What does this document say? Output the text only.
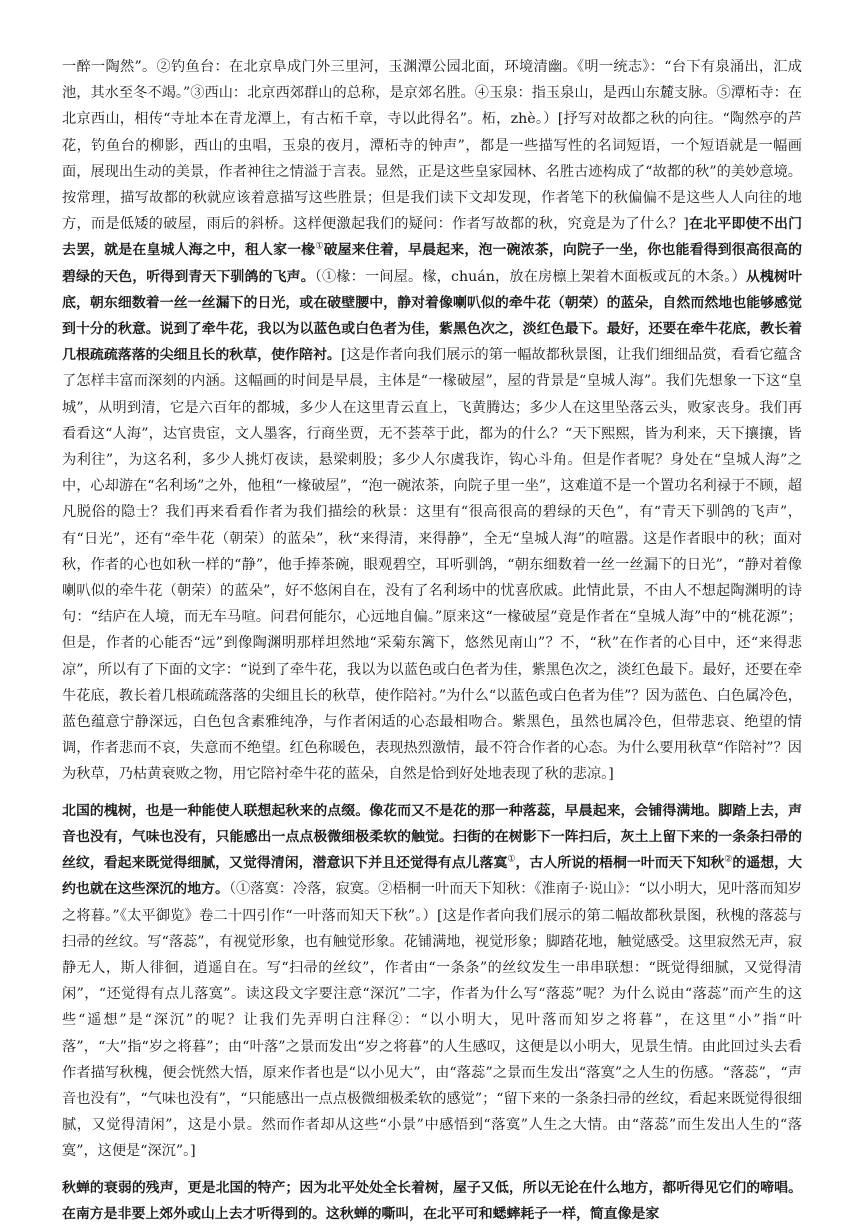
一醉一陶然”。②钓鱼台：在北京阜成门外三里河，玉渊潭公园北面，环境清幽。《明一统志》：“台下有泉涌出，汇成池，其水至冬不竭。”③西山：北京西郊群山的总称，是京郊名胜。④玉泉：指玉泉山，是西山东麓支脉。⑤潭柘寺：在北京西山，相传“寺址本在青龙潭上，有古柘千章，寺以此得名”。柘，zhè。）[抒写对故都之秋的向往。“陶然亭的芦花，钓鱼台的柳影，西山的虫唱，玉泉的夜月，潭柘寺的钟声”，都是一些描写性的名词短语，一个短语就是一幅画面，展现出生动的美景，作者神往之情溢于言表。显然，正是这些皇家园林、名胜古迹构成了“故都的秋”的美妙意境。按常理，描写故都的秋就应该着意描写这些胜景；但是我们读下文却发现，作者笔下的秋偏偏不是这些人人向往的地方，而是低矮的破屋，雨后的斜桥。这样便激起我们的疑问：作者写故都的秋，究竟是为了什么？]在北平即使不出门去罢，就是在皇城人海之中，租人家一椽①破屋来住着，早晨起来，泡一碗浓茶，向院子一坐，你也能看得到很高很高的碧绿的天色，听得到青天下驯鸽的飞声。（①椽：一间屋。椽，chuán，放在房檩上架着木面板或瓦的木条。）从槐树叶底，朝东细数着一丝一丝漏下的日光，或在破壁腰中，静对着像喇叭似的牵牛花（朝荣）的蓝朵，自然而然地也能够感觉到十分的秋意。说到了牵牛花，我以为以蓝色或白色者为佳，紫黑色次之，淡红色最下。最好，还要在牵牛花底，教长着几根疏疏落落的尖细且长的秋草，使作陪衬。[这是作者向我们展示的第一幅故都秋景图，让我们细细品赏，看看它蕴含了怎样丰富而深刻的内涵。这幅画的时间是早晨，主体是“一椽破屋”，屋的背景是“皇城人海”。我们先想象一下这“皇城”，从明到清，它是六百年的都城，多少人在这里青云直上，飞黄腾达；多少人在这里坠落云头，败家丧身。我们再看看这“人海”，达官贵宦，文人墨客，行商坐贾，无不荟萃于此，都为的什么？“天下熙熙，皆为利来，天下攘攘，皆为利往”，为这名利，多少人挑灯夜读，悬梁刺股；多少人尔虞我诈，钩心斗角。但是作者呢？身处在“皇城人海”之中，心却游在“名利场”之外，他租“一椽破屋”，“泡一碗浓茶，向院子里一坐”，这难道不是一个置功名利禄于不顾，超凡脱俗的隐士？我们再来看看作者为我们描绘的秋景：这里有“很高很高的碧绿的天色”，有“青天下驯鸽的飞声”，有“日光”，还有“牵牛花（朝荣）的蓝朵”，秋“来得清，来得静”，全无“皇城人海”的喧嚣。这是作者眼中的秋；面对秋，作者的心也如秋一样的“静”，他手捧茶碗，眼观碧空，耳听驯鸽，“朝东细数着一丝一丝漏下的日光”，“静对着像喇叭似的牵牛花（朝荣）的蓝朵”，好不悠闲自在，没有了名利场中的忧喜欣戚。此情此景，不由人不想起陶渊明的诗句：“结庐在人境，而无车马喧。问君何能尔，心远地自偏。”原来这“一椽破屋”竟是作者在“皇城人海”中的“桃花源”；但是，作者的心能否“远”到像陶渊明那样坦然地“采菊东篱下，悠然见南山”？不，“秋”在作者的心目中，还“来得悲凉”，所以有了下面的文字：“说到了牵牛花，我以为以蓝色或白色者为佳，紫黑色次之，淡红色最下。最好，还要在牵牛花底，教长着几根疏疏落落的尖细且长的秋草，使作陪衬。”为什么“以蓝色或白色者为佳”？因为蓝色、白色属冷色，蓝色蕴意宁静深远，白色包含素雅纯净，与作者闲适的心态最相吻合。紫黑色，虽然也属冷色，但带悲哀、绝望的情调，作者悲而不哀，失意而不绝望。红色称暖色，表现热烈激情，最不符合作者的心态。为什么要用秋草“作陪衬”？因为秋草，乃枯黄衰败之物，用它陪衬牵牛花的蓝朵，自然是恰到好处地表现了秋的悲凉。]

北国的槐树，也是一种能使人联想起秋来的点缀。像花而又不是花的那一种落蕊，早晨起来，会铺得满地。脚踏上去，声音也没有，气味也没有，只能感出一点点极微细极柔软的触觉。扫街的在树影下一阵扫后，灰土上留下来的一条条扫帚的丝纹，看起来既觉得细腻，又觉得清闲，潜意识下并且还觉得有点儿落寞①，古人所说的梧桐一叶而天下知秋②的遥想，大约也就在这些深沉的地方。（①落寞：冷落，寂寞。②梧桐一叶而天下知秋：《淮南子·说山》：“以小明大，见叶落而知岁之将暮。”《太平御览》卷二十四引作“一叶落而知天下秋”。）[这是作者向我们展示的第二幅故都秋景图，秋槐的落蕊与扫帚的丝纹。写“落蕊”，有视觉形象，也有触觉形象。花铺满地，视觉形象；脚踏花地，触觉感受。这里寂然无声，寂静无人，斯人徘徊，逍遥自在。写“扫帚的丝纹”，作者由“一条条”的丝纹发生一串串联想：“既觉得细腻，又觉得清闲”，“还觉得有点儿落寞”。读这段文字要注意“深沉”二字，作者为什么写“落蕊”呢？为什么说由“落蕊”而产生的这些“遥想”是“深沉”的呢？让我们先弄明白注释②：“以小明大，见叶落而知岁之将暮”，在这里“小”指“叶落”，“大”指“岁之将暮”；由“叶落”之景而发出“岁之将暮”的人生感叹，这便是以小明大，见景生情。由此回过头去看作者描写秋槐，便会恍然大悟，原来作者也是“以小见大”，由“落蕊”之景而生发出“落寞”之人生的伤感。“落蕊”，“声音也没有”，“气味也没有”，“只能感出一点点极微细极柔软的感觉”；“留下来的一条条扫帚的丝纹，看起来既觉得很细腻，又觉得清闲”，这是小景。然而作者却从这些“小景”中感悟到“落寞”人生之大情。由“落蕊”而生发出人生的“落寞”，这便是“深沉”。]

秋蝉的衰弱的残声，更是北国的特产；因为北平处处全长着树，屋子又低，所以无论在什么地方，都听得见它们的啼唱。在南方是非要上郊外或山上去才听得到的。这秋蝉的嘶叫，在北平可和蟋蟀耗子一样，简直像是家
